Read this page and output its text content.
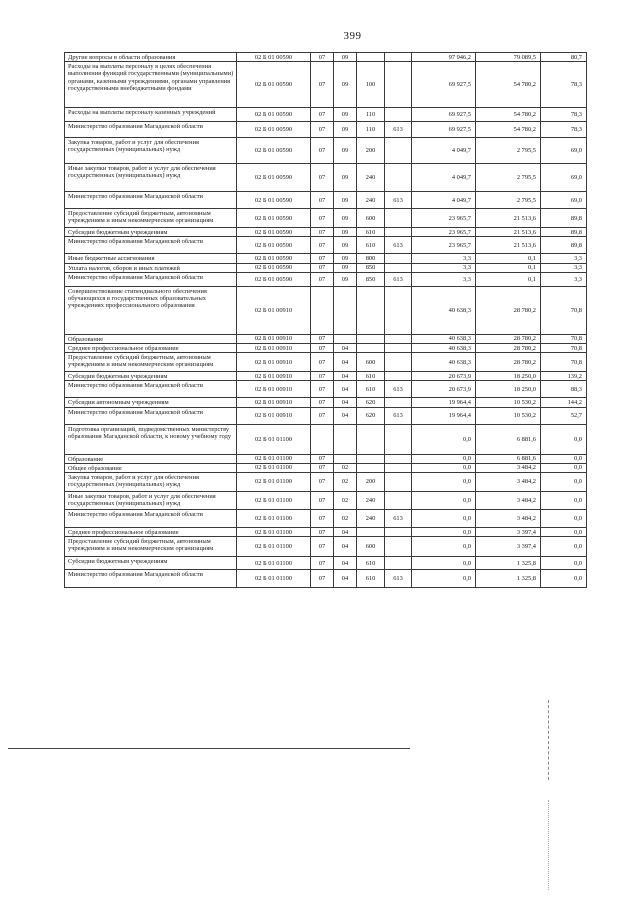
399
Другие вопросы в области образования	02 Б 01 00590	07	09			97 946,2	79 089,5	80,7
Расходы на выплаты персоналу в целях обеспечения выполнения функций государственными (муниципальными) органами, казенными учреждениями, органами управления государственными внебюджетными фондами	02 Б 01 00590	07	09	100		69 927,5	54 780,2	78,3
Расходы на выплаты персоналу казенных учреждений	02 Б 01 00590	07	09	110		69 927,5	54 780,2	78,3
Министерство образования Магаданской области	02 Б 01 00590	07	09	110	613	69 927,5	54 780,2	78,3
Закупка товаров, работ и услуг для обеспечения государственных (муниципальных) нужд	02 Б 01 00590	07	09	200		4 049,7	2 795,5	69,0
Иные закупки товаров, работ и услуг для обеспечения государственных (муниципальных) нужд	02 Б 01 00590	07	09	240		4 049,7	2 795,5	69,0
Министерство образования Магаданской области	02 Б 01 00590	07	09	240	613	4 049,7	2 795,5	69,0
Предоставление субсидий бюджетным, автономным учреждениям и иным некоммерческим организациям	02 Б 01 00590	07	09	600		23 965,7	21 513,6	89,8
Субсидии бюджетным учреждениям	02 Б 01 00590	07	09	610		23 965,7	21 513,6	89,8
Министерство образования Магаданской области	02 Б 01 00590	07	09	610	613	23 965,7	21 513,6	89,8
Иные бюджетные ассигнования	02 Б 01 00590	07	09	800		3,3	0,1	3,3
Уплата налогов, сборов и иных платежей	02 Б 01 00590	07	09	850		3,3	0,1	3,3
Министерство образования Магаданской области	02 Б 01 00590	07	09	850	613	3,3	0,1	3,3
Совершенствование стипендиального обеспечения обучающихся в государственных образовательных учреждениях профессионального образования	02 Б 01 00910					40 638,3	28 780,2	70,8
Образование	02 Б 01 00910	07				40 638,3	28 780,2	70,8
Среднее профессиональное образование	02 Б 01 00910	07	04			40 638,3	28 780,2	70,8
Предоставление субсидий бюджетным, автономным учреждениям и иным некоммерческим организациям	02 Б 01 00910	07	04	600		40 638,3	28 780,2	70,8
Субсидии бюджетным учреждениям	02 Б 01 00910	07	04	610		20 673,9	18 250,0	139,2
Министерство образования Магаданской области	02 Б 01 00910	07	04	610	613	20 673,9	18 250,0	88,3
Субсидии автономным учреждениям	02 Б 01 00910	07	04	620		19 964,4	10 530,2	144,2
Министерство образования Магаданской области	02 Б 01 00910	07	04	620	613	19 964,4	10 530,2	52,7
Подготовка организаций, подведомственных министерству образования Магаданской области, к новому учебному году	02 Б 01 01100					0,0	6 881,6	0,0
Образование	02 Б 01 01100	07				0,0	6 881,6	0,0
Общее образование	02 Б 01 01100	07	02			0,0	3 484,2	0,0
Закупка товаров, работ и услуг для обеспечения государственных (муниципальных) нужд	02 Б 01 01100	07	02	200		0,0	3 484,2	0,0
Иные закупки товаров, работ и услуг для обеспечения государственных (муниципальных) нужд	02 Б 01 01100	07	02	240		0,0	3 484,2	0,0
Министерство образования Магаданской области	02 Б 01 01100	07	02	240	613	0,0	3 484,2	0,0
Среднее профессиональное образование	02 Б 01 01100	07	04			0,0	3 397,4	0,0
Предоставление субсидий бюджетным, автономным учреждениям и иным некоммерческим организациям	02 Б 01 01100	07	04	600		0,0	3 397,4	0,0
Субсидии бюджетным учреждениям	02 Б 01 01100	07	04	610		0,0	1 325,8	0,0
Министерство образования Магаданской области	02 Б 01 01100	07	04	610	613	0,0	1 325,8	0,0
